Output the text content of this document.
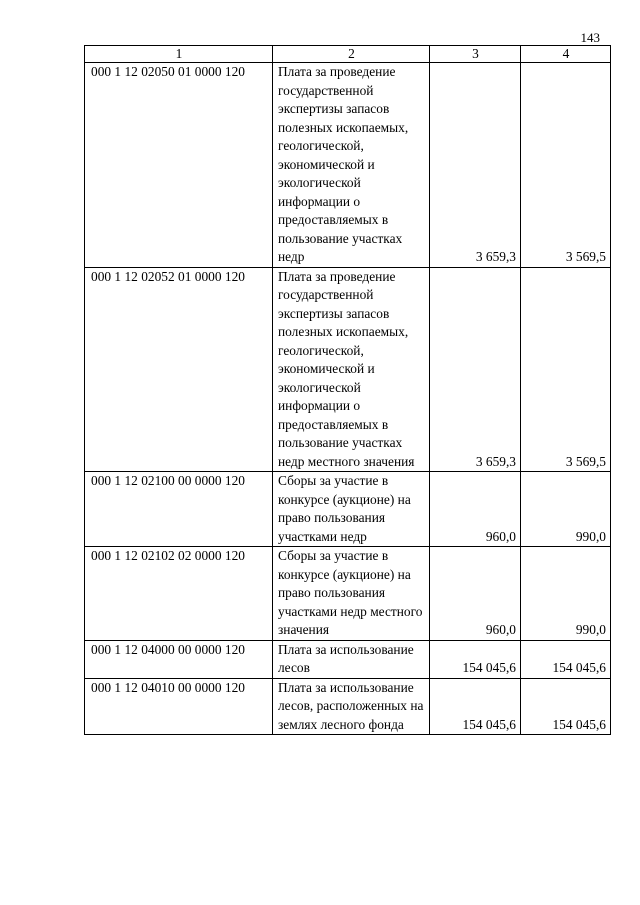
143
1	2	3	4
000 1 12 02050 01 0000 120	Плата за проведение государственной экспертизы запасов полезных ископаемых, геологической, экономической и экологической информации о предоставляемых в пользование участках недр	3 659,3	3 569,5
000 1 12 02052 01 0000 120	Плата за проведение государственной экспертизы запасов полезных ископаемых, геологической, экономической и экологической информации о предоставляемых в пользование участках недр местного значения	3 659,3	3 569,5
000 1 12 02100 00 0000 120	Сборы за участие в конкурсе (аукционе) на право пользования участками недр	960,0	990,0
000 1 12 02102 02 0000 120	Сборы за участие в конкурсе (аукционе) на право пользования участками недр местного значения	960,0	990,0
000 1 12 04000 00 0000 120	Плата за использование лесов	154 045,6	154 045,6
000 1 12 04010 00 0000 120	Плата за использование лесов, расположенных на землях лесного фонда	154 045,6	154 045,6
